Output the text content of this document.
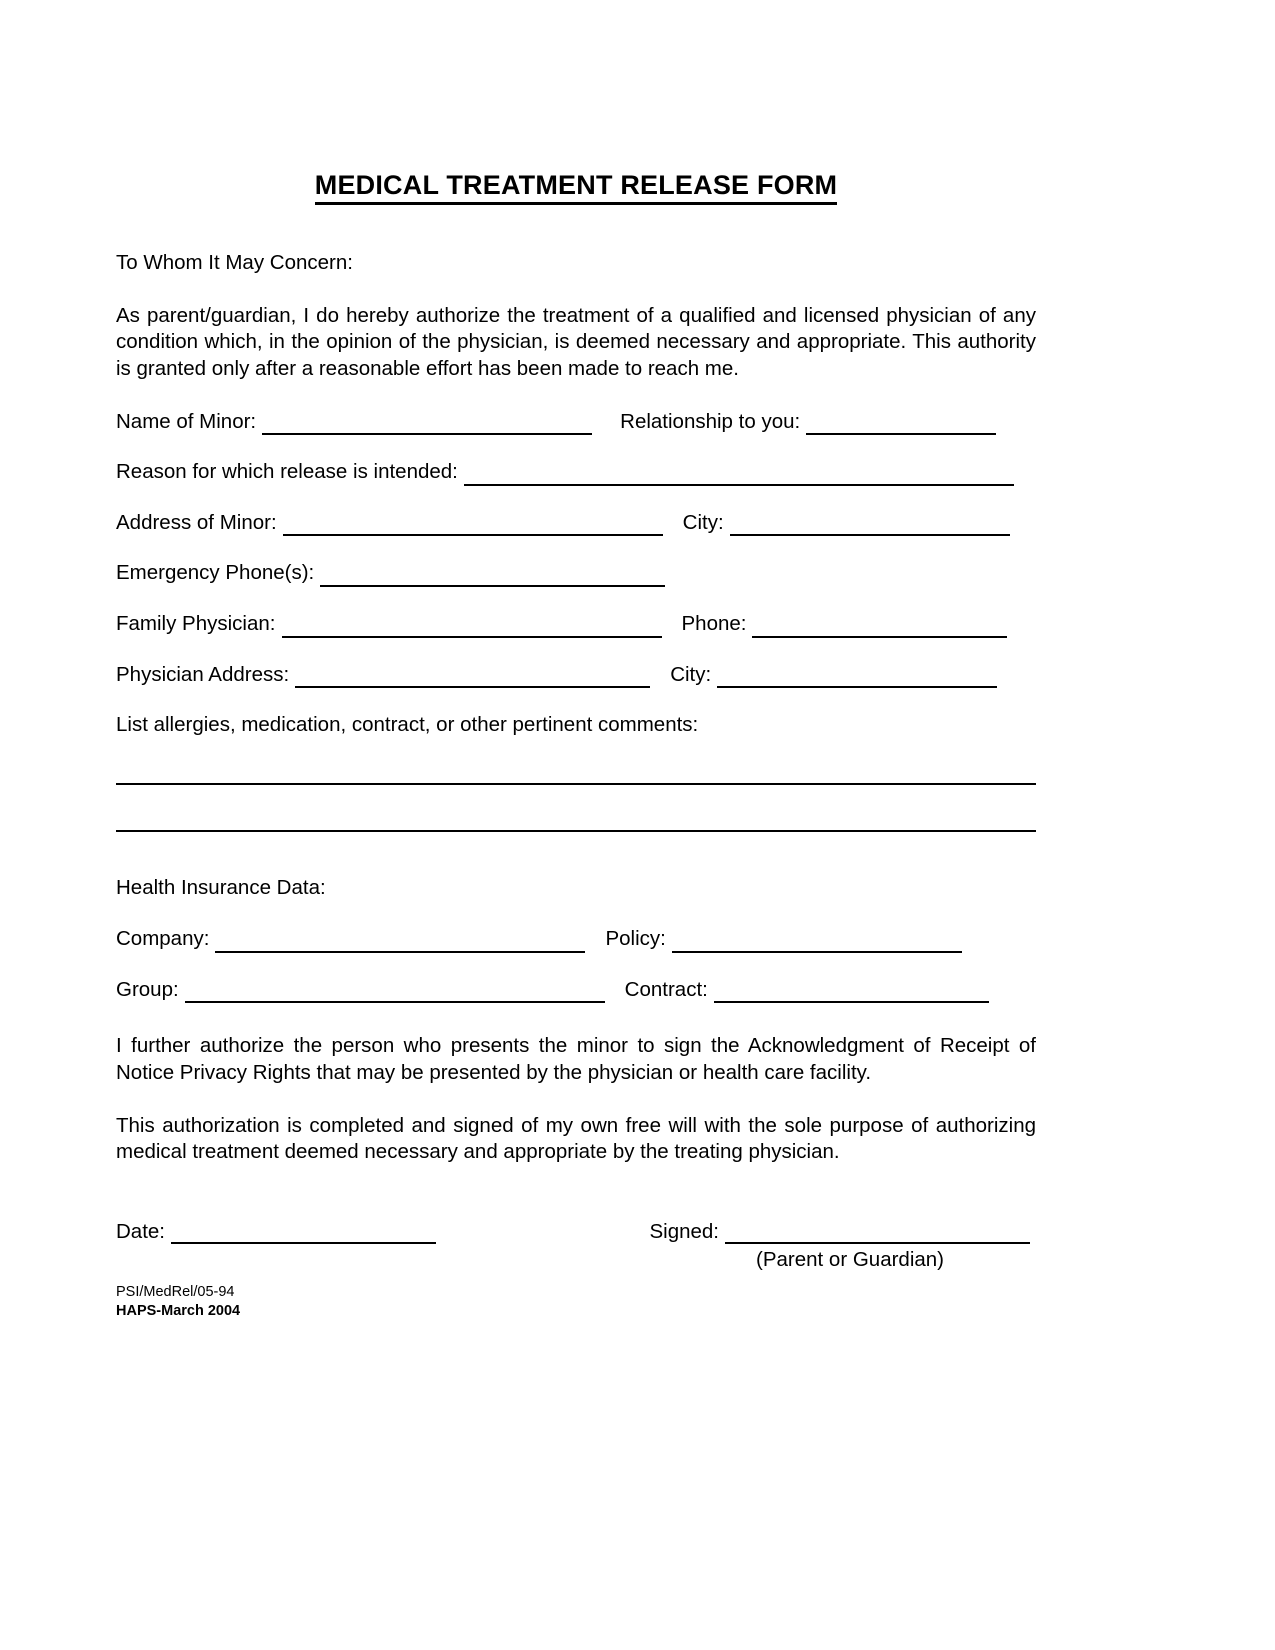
MEDICAL TREATMENT RELEASE FORM

To Whom It May Concern:

As parent/guardian, I do hereby authorize the treatment of a qualified and licensed physician of any condition which, in the opinion of the physician, is deemed necessary and appropriate. This authority is granted only after a reasonable effort has been made to reach me.

Name of Minor:	Relationship to you:
Reason for which release is intended:
Address of Minor:	City:
Emergency Phone(s):
Family Physician:	Phone:
Physician Address:	City:

List allergies, medication, contract, or other pertinent comments:

Health Insurance Data:
Company:	Policy:
Group:	Contract:

I further authorize the person who presents the minor to sign the Acknowledgment of Receipt of Notice Privacy Rights that may be presented by the physician or health care facility.

This authorization is completed and signed of my own free will with the sole purpose of authorizing medical treatment deemed necessary and appropriate by the treating physician.

Date:	Signed:
(Parent or Guardian)
PSI/MedRel/05-94
HAPS-March 2004
